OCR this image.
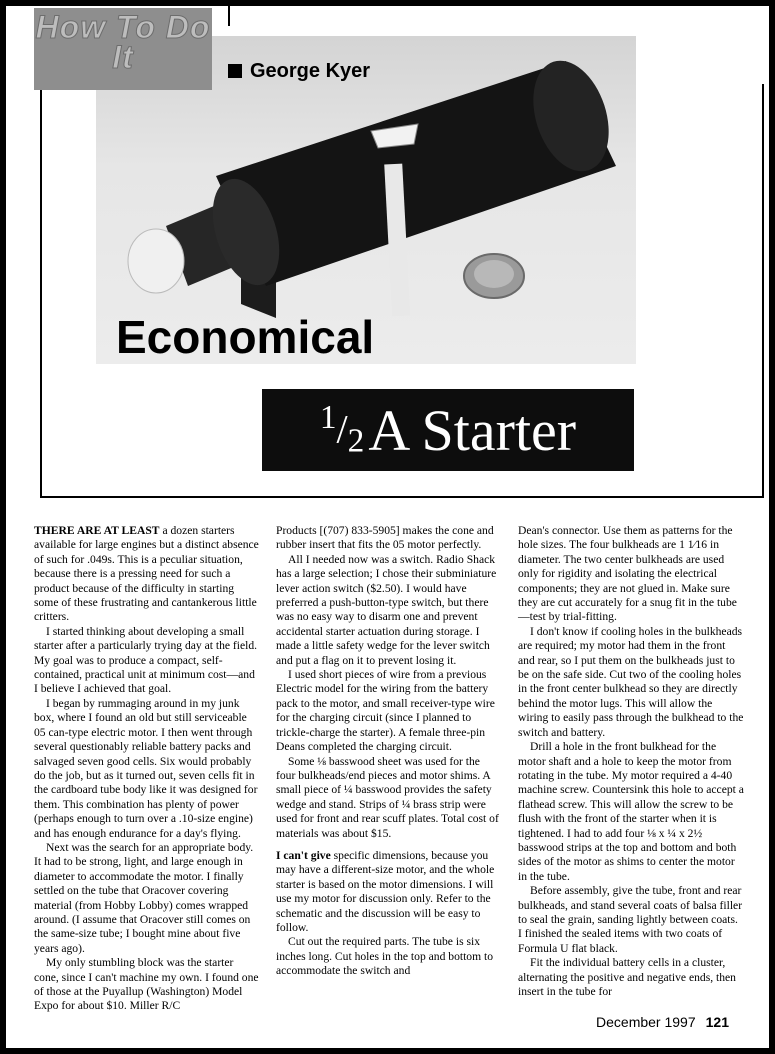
How To Do It	George Kyer
Economical
$^1/_2$ A Starter

THERE ARE AT LEAST a dozen starters available for large engines but a distinct absence of such for .049s. This is a peculiar situation, because there is a pressing need for such a product because of the difficulty in starting some of these frustrating and cantankerous little critters.

I started thinking about developing a small starter after a particularly trying day at the field. My goal was to produce a compact, self-contained, practical unit at minimum cost—and I believe I achieved that goal.

I began by rummaging around in my junk box, where I found an old but still serviceable 05 can-type electric motor. I then went through several questionably reliable battery packs and salvaged seven good cells. Six would probably do the job, but as it turned out, seven cells fit in the cardboard tube body like it was designed for them. This combination has plenty of power (perhaps enough to turn over a .10-size engine) and has enough endurance for a day's flying.

Next was the search for an appropriate body. It had to be strong, light, and large enough in diameter to accommodate the motor. I finally settled on the tube that Oracover covering material (from Hobby Lobby) comes wrapped around. (I assume that Oracover still comes on the same-size tube; I bought mine about five years ago).

My only stumbling block was the starter cone, since I can't machine my own. I found one of those at the Puyallup (Washington) Model Expo for about $10. Miller R/C

Products [(707) 833-5905] makes the cone and rubber insert that fits the 05 motor perfectly.

All I needed now was a switch. Radio Shack has a large selection; I chose their subminiature lever action switch ($2.50). I would have preferred a push-button-type switch, but there was no easy way to disarm one and prevent accidental starter actuation during storage. I made a little safety wedge for the lever switch and put a flag on it to prevent losing it.

I used short pieces of wire from a previous Electric model for the wiring from the battery pack to the motor, and small receiver-type wire for the charging circuit (since I planned to trickle-charge the starter). A female three-pin Deans completed the charging circuit.

Some ⅛ basswood sheet was used for the four bulkheads/end pieces and motor shims. A small piece of ¼ basswood provides the safety wedge and stand. Strips of ¼ brass strip were used for front and rear scuff plates. Total cost of materials was about $15.

I can't give specific dimensions, because you may have a different-size motor, and the whole starter is based on the motor dimensions. I will use my motor for discussion only. Refer to the schematic and the discussion will be easy to follow.

Cut out the required parts. The tube is six inches long. Cut holes in the top and bottom to accommodate the switch and

Dean's connector. Use them as patterns for the hole sizes. The four bulkheads are 1 1⁄16 in diameter. The two center bulkheads are used only for rigidity and isolating the electrical components; they are not glued in. Make sure they are cut accurately for a snug fit in the tube—test by trial-fitting.

I don't know if cooling holes in the bulkheads are required; my motor had them in the front and rear, so I put them on the bulkheads just to be on the safe side. Cut two of the cooling holes in the front center bulkhead so they are directly behind the motor lugs. This will allow the wiring to easily pass through the bulkhead to the switch and battery.

Drill a hole in the front bulkhead for the motor shaft and a hole to keep the motor from rotating in the tube. My motor required a 4-40 machine screw. Countersink this hole to accept a flathead screw. This will allow the screw to be flush with the front of the starter when it is tightened. I had to add four ⅛ x ¼ x 2½ basswood strips at the top and bottom and both sides of the motor as shims to center the motor in the tube.

Before assembly, give the tube, front and rear bulkheads, and stand several coats of balsa filler to seal the grain, sanding lightly between coats. I finished the sealed items with two coats of Formula U flat black.

Fit the individual battery cells in a cluster, alternating the positive and negative ends, then insert in the tube for

December 1997 121
